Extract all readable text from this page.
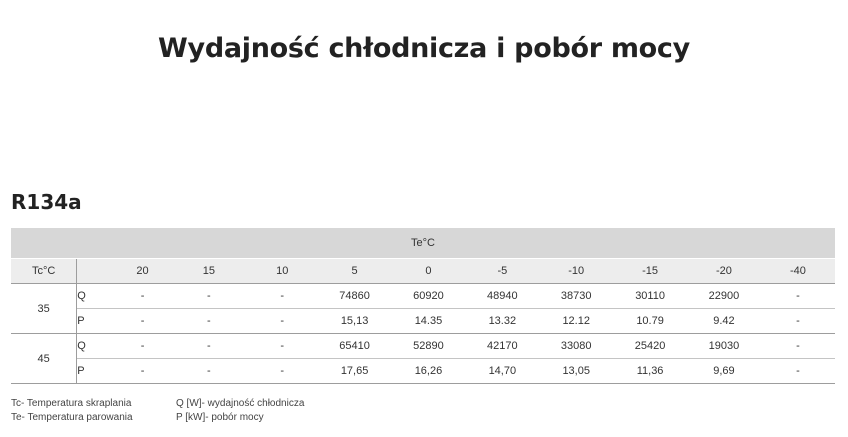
Wydajność chłodnicza i pobór mocy
R134a
Te°C											
Tc°C		20	15	10	5	0	-5	-10	-15	-20	-40
35	Q	-	-	-	74860	60920	48940	38730	30110	22900	-
	P	-	-	-	15,13	14.35	13.32	12.12	10.79	9.42	-
45	Q	-	-	-	65410	52890	42170	33080	25420	19030	-
	P	-	-	-	17,65	16,26	14,70	13,05	11,36	9,69	-
Tc- Temperatura skraplania
Te- Temperatura parowania
Q [W]- wydajność chłodnicza
P [kW]- pobór mocy
